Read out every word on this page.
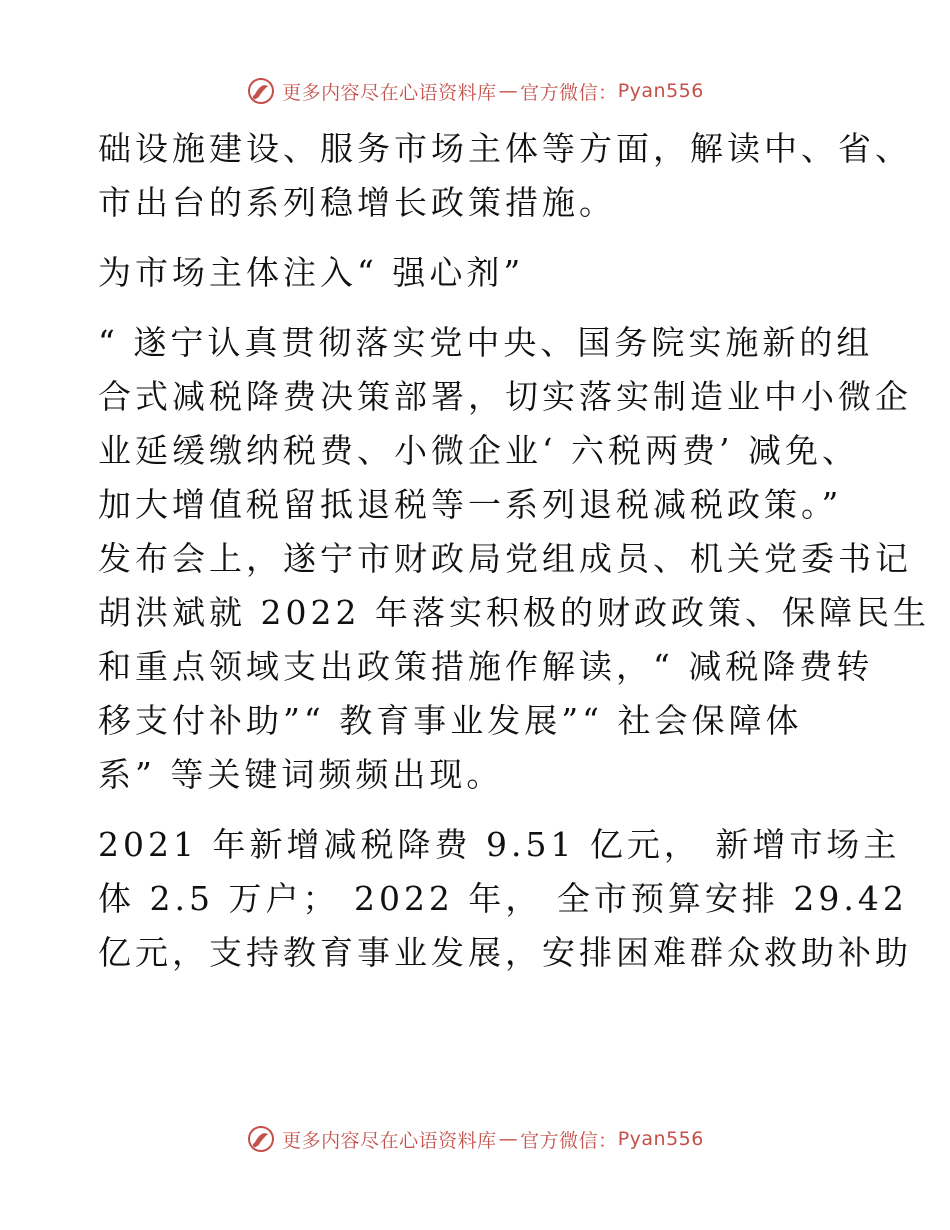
更多内容尽在心语资料库 — 官方微信： Pyan556
础设施建设、服务市场主体等方面，解读中、省、
市出台的系列稳增长政策措施。
为市场主体注入“ 强心剂”
“ 遂宁认真贯彻落实党中央、国务院实施新的组
合式减税降费决策部署，切实落实制造业中小微企
业延缓缴纳税费、小微企业‘ 六税两费’ 减免、
加大增值税留抵退税等一系列退税减税政策。”
发布会上，遂宁市财政局党组成员、机关党委书记
胡洪斌就 2022 年落实积极的财政政策、保障民生
和重点领域支出政策措施作解读，“ 减税降费转
移支付补助”“ 教育事业发展”“ 社会保障体
系” 等关键词频频出现。
2021 年新增减税降费 9.51 亿元， 新增市场主
体 2.5 万户； 2022 年， 全市预算安排 29.42
亿元，支持教育事业发展，安排困难群众救助补助
更多内容尽在心语资料库 — 官方微信： Pyan556
